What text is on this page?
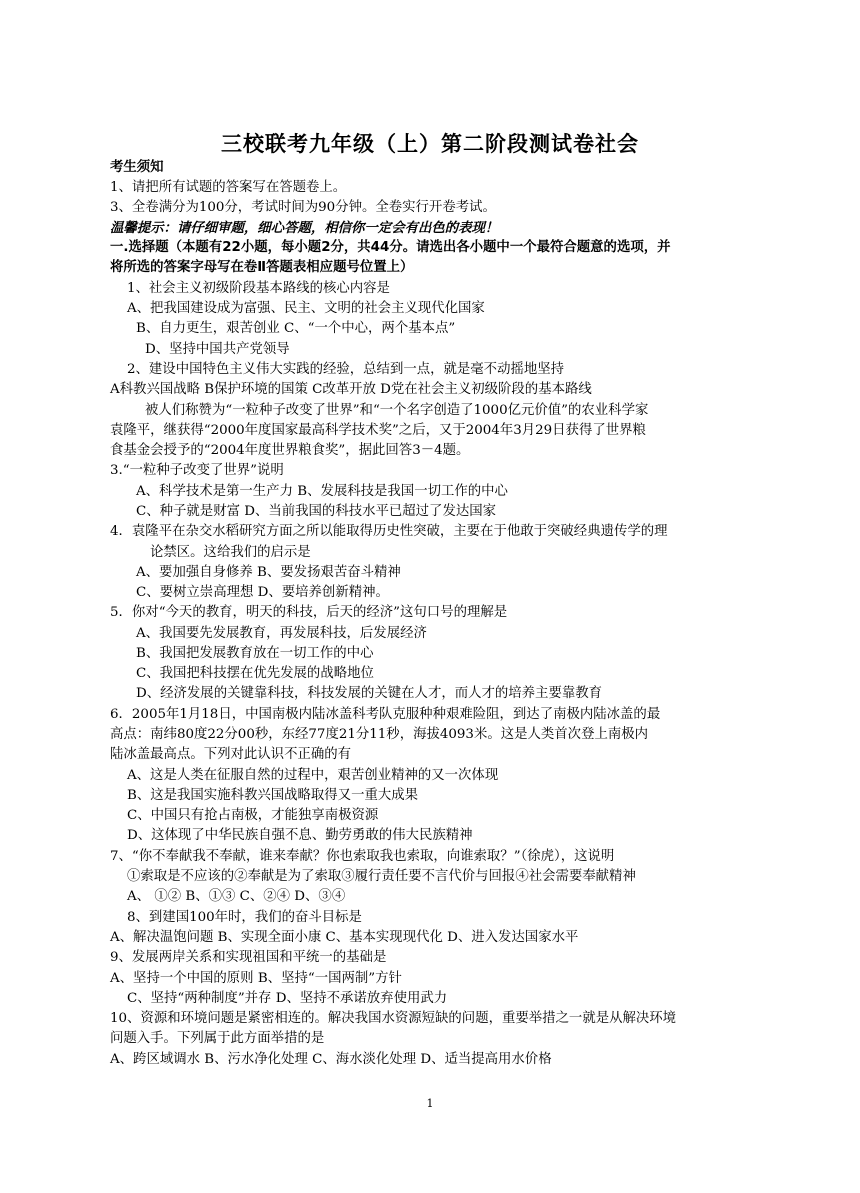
三校联考九年级（上）第二阶段测试卷社会
考生须知
1、请把所有试题的答案写在答题卷上。
3、全卷满分为100分，考试时间为90分钟。全卷实行开卷考试。
温馨提示：请仔细审题，细心答题，相信你一定会有出色的表现！
一.选择题（本题有22小题，每小题2分，共44分。请选出各小题中一个最符合题意的选项，并
将所选的答案字母写在卷Ⅱ答题表相应题号位置上）
1、社会主义初级阶段基本路线的核心内容是
A、把我国建设成为富强、民主、文明的社会主义现代化国家
B、自力更生，艰苦创业 C、“一个中心，两个基本点”
D、坚持中国共产党领导
2、建设中国特色主义伟大实践的经验，总结到一点，就是毫不动摇地坚持
A科教兴国战略 B保护环境的国策 C改革开放 D党在社会主义初级阶段的基本路线
被人们称赞为“一粒种子改变了世界”和“一个名字创造了1000亿元价值”的农业科学家
袁隆平，继获得“2000年度国家最高科学技术奖”之后，又于2004年3月29日获得了世界粮
食基金会授予的“2004年度世界粮食奖”，据此回答3－4题。
3.“一粒种子改变了世界”说明
A、科学技术是第一生产力 B、发展科技是我国一切工作的中心
C、种子就是财富 D、当前我国的科技水平已超过了发达国家
4．袁隆平在杂交水稻研究方面之所以能取得历史性突破，主要在于他敢于突破经典遗传学的理
论禁区。这给我们的启示是
A、要加强自身修养 B、要发扬艰苦奋斗精神
C、要树立崇高理想 D、要培养创新精神。
5．你对“今天的教育，明天的科技，后天的经济”这句口号的理解是
A、我国要先发展教育，再发展科技，后发展经济
B、我国把发展教育放在一切工作的中心
C、我国把科技摆在优先发展的战略地位
D、经济发展的关键靠科技，科技发展的关键在人才，而人才的培养主要靠教育
6．2005年1月18日，中国南极内陆冰盖科考队克服种种艰难险阻，到达了南极内陆冰盖的最
高点：南纬80度22分00秒，东经77度21分11秒，海拔4093米。这是人类首次登上南极内
陆冰盖最高点。下列对此认识不正确的有
A、这是人类在征服自然的过程中，艰苦创业精神的又一次体现
B、这是我国实施科教兴国战略取得又一重大成果
C、中国只有抢占南极，才能独享南极资源
D、这体现了中华民族自强不息、勤劳勇敢的伟大民族精神
7、“你不奉献我不奉献，谁来奉献？你也索取我也索取，向谁索取？”（徐虎），这说明
①索取是不应该的②奉献是为了索取③履行责任要不言代价与回报④社会需要奉献精神
A、 ①② B、①③ C、②④ D、③④
8、到建国100年时，我们的奋斗目标是
A、解决温饱问题 B、实现全面小康 C、基本实现现代化 D、进入发达国家水平
9、发展两岸关系和实现祖国和平统一的基础是
A、坚持一个中国的原则 B、坚持“一国两制”方针
C、坚持“两种制度”并存 D、坚持不承诺放弃使用武力
10、资源和环境问题是紧密相连的。解决我国水资源短缺的问题，重要举措之一就是从解决环境
问题入手。下列属于此方面举措的是
A、跨区域调水 B、污水净化处理 C、海水淡化处理 D、适当提高用水价格
1
